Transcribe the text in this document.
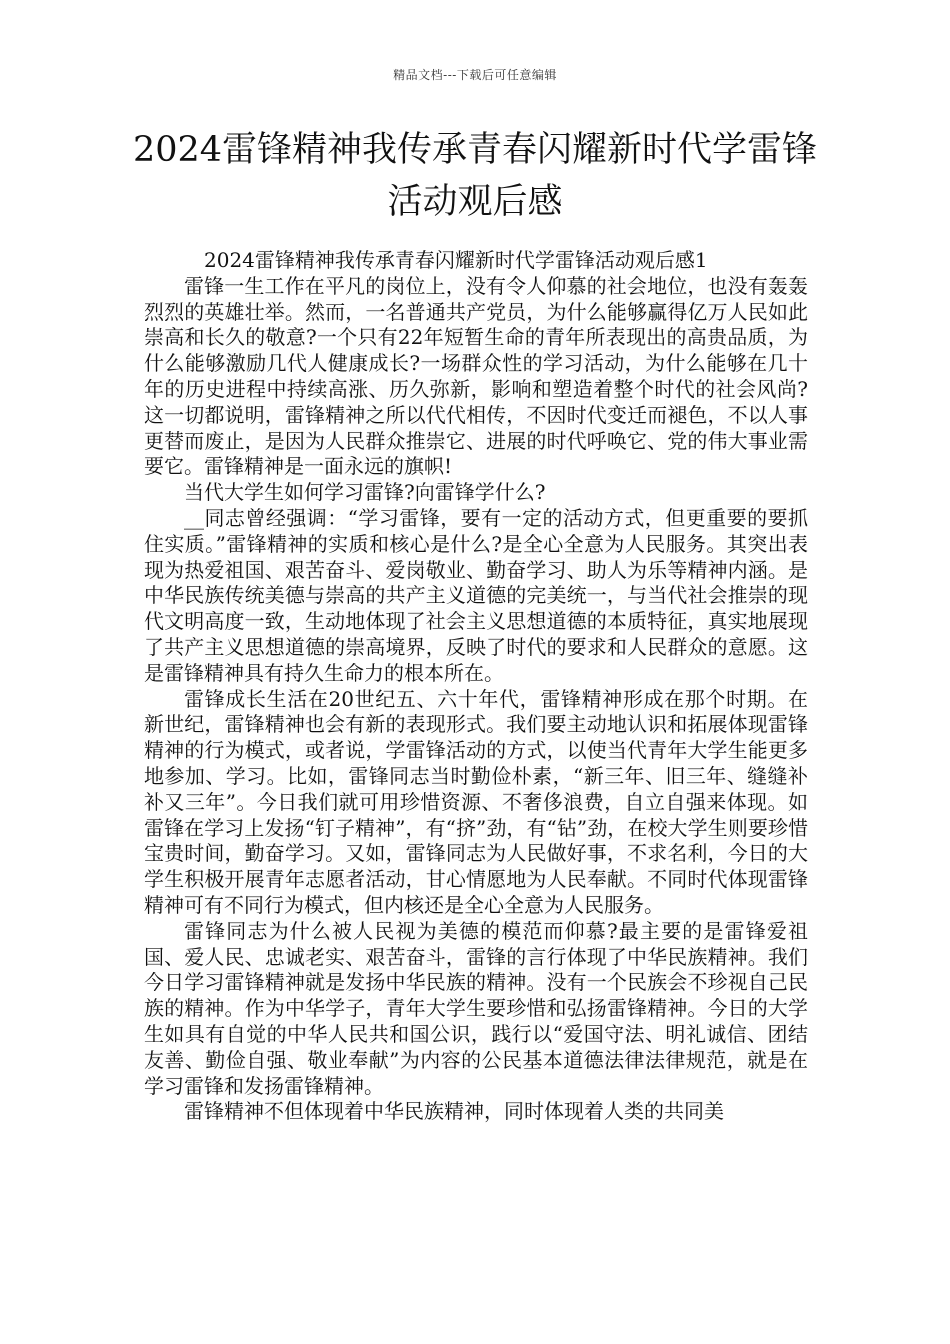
精品文档---下载后可任意编辑
2024雷锋精神我传承青春闪耀新时代学雷锋活动观后感

2024雷锋精神我传承青春闪耀新时代学雷锋活动观后感1

雷锋一生工作在平凡的岗位上，没有令人仰慕的社会地位，也没有轰轰烈烈的英雄壮举。然而，一名普通共产党员，为什么能够赢得亿万人民如此崇高和长久的敬意?一个只有22年短暂生命的青年所表现出的高贵品质，为什么能够激励几代人健康成长?一场群众性的学习活动，为什么能够在几十年的历史进程中持续高涨、历久弥新，影响和塑造着整个时代的社会风尚?这一切都说明，雷锋精神之所以代代相传，不因时代变迁而褪色，不以人事更替而废止，是因为人民群众推崇它、进展的时代呼唤它、党的伟大事业需要它。雷锋精神是一面永远的旗帜!

当代大学生如何学习雷锋?向雷锋学什么?

__同志曾经强调：“学习雷锋，要有一定的活动方式，但更重要的要抓住实质。”雷锋精神的实质和核心是什么?是全心全意为人民服务。其突出表现为热爱祖国、艰苦奋斗、爱岗敬业、勤奋学习、助人为乐等精神内涵。是中华民族传统美德与崇高的共产主义道德的完美统一，与当代社会推崇的现代文明高度一致，生动地体现了社会主义思想道德的本质特征，真实地展现了共产主义思想道德的崇高境界，反映了时代的要求和人民群众的意愿。这是雷锋精神具有持久生命力的根本所在。

雷锋成长生活在20世纪五、六十年代，雷锋精神形成在那个时期。在新世纪，雷锋精神也会有新的表现形式。我们要主动地认识和拓展体现雷锋精神的行为模式，或者说，学雷锋活动的方式，以使当代青年大学生能更多地参加、学习。比如，雷锋同志当时勤俭朴素，“新三年、旧三年、缝缝补补又三年”。今日我们就可用珍惜资源、不奢侈浪费，自立自强来体现。如雷锋在学习上发扬“钉子精神”，有“挤”劲，有“钻”劲，在校大学生则要珍惜宝贵时间，勤奋学习。又如，雷锋同志为人民做好事，不求名利，今日的大学生积极开展青年志愿者活动，甘心情愿地为人民奉献。不同时代体现雷锋精神可有不同行为模式，但内核还是全心全意为人民服务。

雷锋同志为什么被人民视为美德的模范而仰慕?最主要的是雷锋爱祖国、爱人民、忠诚老实、艰苦奋斗，雷锋的言行体现了中华民族精神。我们今日学习雷锋精神就是发扬中华民族的精神。没有一个民族会不珍视自己民族的精神。作为中华学子，青年大学生要珍惜和弘扬雷锋精神。今日的大学生如具有自觉的中华人民共和国公识，践行以“爱国守法、明礼诚信、团结友善、勤俭自强、敬业奉献”为内容的公民基本道德法律法律规范，就是在学习雷锋和发扬雷锋精神。

雷锋精神不但体现着中华民族精神，同时体现着人类的共同美
